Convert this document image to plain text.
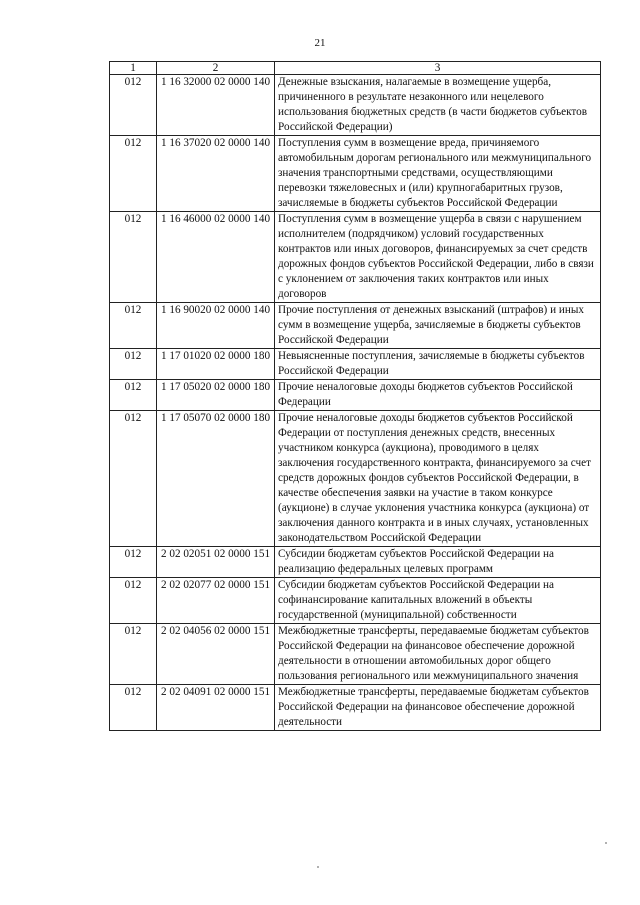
21
1	2	3
012	1 16 32000 02 0000 140	Денежные взыскания, налагаемые в возмещение ущерба, причиненного в результате незаконного или нецелевого использования бюджетных средств (в части бюджетов субъектов Российской Федерации)
012	1 16 37020 02 0000 140	Поступления сумм в возмещение вреда, причиняемого автомобильным дорогам регионального или межмуниципального значения транспортными средствами, осуществляющими перевозки тяжеловесных и (или) крупногабаритных грузов, зачисляемые в бюджеты субъектов Российской Федерации
012	1 16 46000 02 0000 140	Поступления сумм в возмещение ущерба в связи с нарушением исполнителем (подрядчиком) условий государственных контрактов или иных договоров, финансируемых за счет средств дорожных фондов субъектов Российской Федерации, либо в связи с уклонением от заключения таких контрактов или иных договоров
012	1 16 90020 02 0000 140	Прочие поступления от денежных взысканий (штрафов) и иных сумм в возмещение ущерба, зачисляемые в бюджеты субъектов Российской Федерации
012	1 17 01020 02 0000 180	Невыясненные поступления, зачисляемые в бюджеты субъектов Российской Федерации
012	1 17 05020 02 0000 180	Прочие неналоговые доходы бюджетов субъектов Российской Федерации
012	1 17 05070 02 0000 180	Прочие неналоговые доходы бюджетов субъектов Российской Федерации от поступления денежных средств, внесенных участником конкурса (аукциона), проводимого в целях заключения государственного контракта, финансируемого за счет средств дорожных фондов субъектов Российской Федерации, в качестве обеспечения заявки на участие в таком конкурсе (аукционе) в случае уклонения участника конкурса (аукциона) от заключения данного контракта и в иных случаях, установленных законодательством Российской Федерации
012	2 02 02051 02 0000 151	Субсидии бюджетам субъектов Российской Федерации на реализацию федеральных целевых программ
012	2 02 02077 02 0000 151	Субсидии бюджетам субъектов Российской Федерации на софинансирование капитальных вложений в объекты государственной (муниципальной) собственности
012	2 02 04056 02 0000 151	Межбюджетные трансферты, передаваемые бюджетам субъектов Российской Федерации на финансовое обеспечение дорожной деятельности в отношении автомобильных дорог общего пользования регионального или межмуниципального значения
012	2 02 04091 02 0000 151	Межбюджетные трансферты, передаваемые бюджетам субъектов Российской Федерации на финансовое обеспечение дорожной деятельности
